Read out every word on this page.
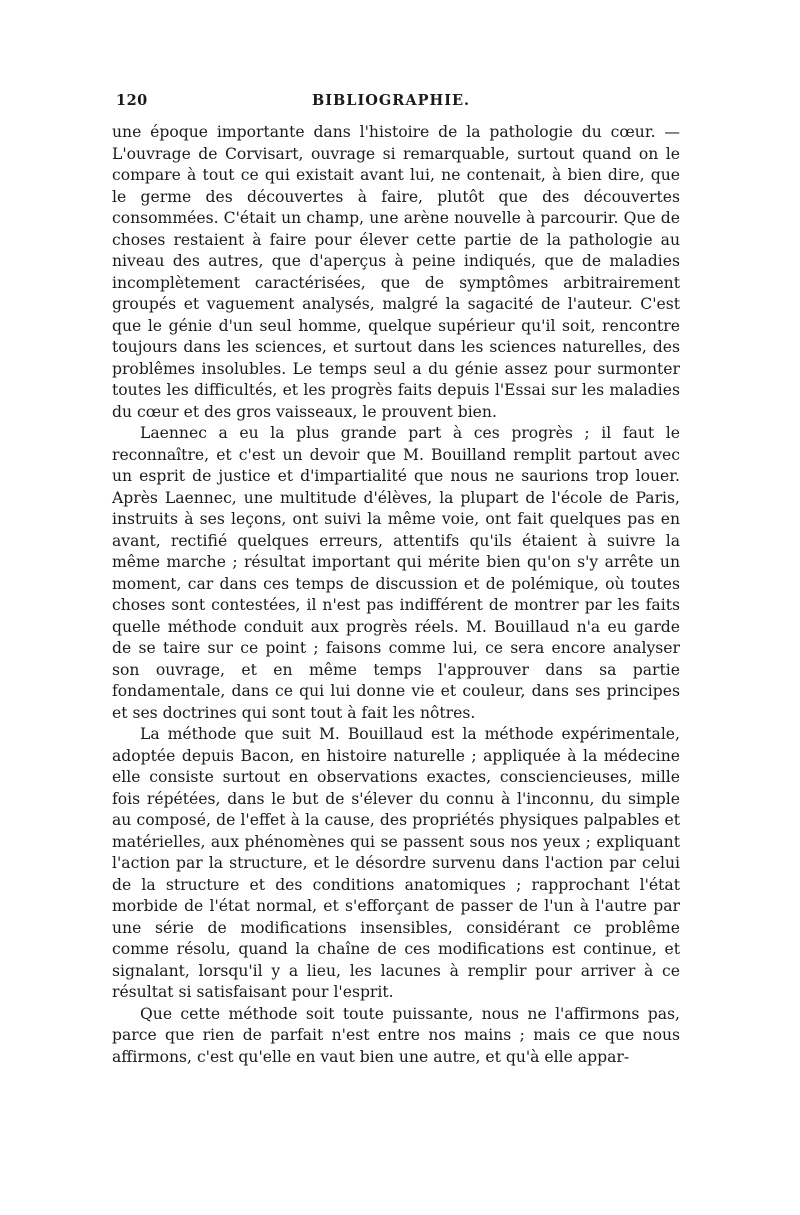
120	BIBLIOGRAPHIE.

une époque importante dans l'histoire de la pathologie du cœur. — L'ouvrage de Corvisart, ouvrage si remarquable, surtout quand on le compare à tout ce qui existait avant lui, ne contenait, à bien dire, que le germe des découvertes à faire, plutôt que des découvertes consommées. C'était un champ, une arène nouvelle à parcourir. Que de choses restaient à faire pour élever cette partie de la pathologie au niveau des autres, que d'aperçus à peine indiqués, que de maladies incomplètement caractérisées, que de symptômes arbitrairement groupés et vaguement analysés, malgré la sagacité de l'auteur. C'est que le génie d'un seul homme, quelque supérieur qu'il soit, rencontre toujours dans les sciences, et surtout dans les sciences naturelles, des problêmes insolubles. Le temps seul a du génie assez pour surmonter toutes les difficultés, et les progrès faits depuis l'Essai sur les maladies du cœur et des gros vaisseaux, le prouvent bien.

Laennec a eu la plus grande part à ces progrès ; il faut le reconnaître, et c'est un devoir que M. Bouilland remplit partout avec un esprit de justice et d'impartialité que nous ne saurions trop louer. Après Laennec, une multitude d'élèves, la plupart de l'école de Paris, instruits à ses leçons, ont suivi la même voie, ont fait quelques pas en avant, rectifié quelques erreurs, attentifs qu'ils étaient à suivre la même marche ; résultat important qui mérite bien qu'on s'y arrête un moment, car dans ces temps de discussion et de polémique, où toutes choses sont contestées, il n'est pas indifférent de montrer par les faits quelle méthode conduit aux progrès réels. M. Bouillaud n'a eu garde de se taire sur ce point ; faisons comme lui, ce sera encore analyser son ouvrage, et en même temps l'approuver dans sa partie fondamentale, dans ce qui lui donne vie et couleur, dans ses principes et ses doctrines qui sont tout à fait les nôtres.

La méthode que suit M. Bouillaud est la méthode expérimentale, adoptée depuis Bacon, en histoire naturelle ; appliquée à la médecine elle consiste surtout en observations exactes, consciencieuses, mille fois répétées, dans le but de s'élever du connu à l'inconnu, du simple au composé, de l'effet à la cause, des propriétés physiques palpables et matérielles, aux phénomènes qui se passent sous nos yeux ; expliquant l'action par la structure, et le désordre survenu dans l'action par celui de la structure et des conditions anatomiques ; rapprochant l'état morbide de l'état normal, et s'efforçant de passer de l'un à l'autre par une série de modifications insensibles, considérant ce problême comme résolu, quand la chaîne de ces modifications est continue, et signalant, lorsqu'il y a lieu, les lacunes à remplir pour arriver à ce résultat si satisfaisant pour l'esprit.

Que cette méthode soit toute puissante, nous ne l'affirmons pas, parce que rien de parfait n'est entre nos mains ; mais ce que nous affirmons, c'est qu'elle en vaut bien une autre, et qu'à elle appar-
